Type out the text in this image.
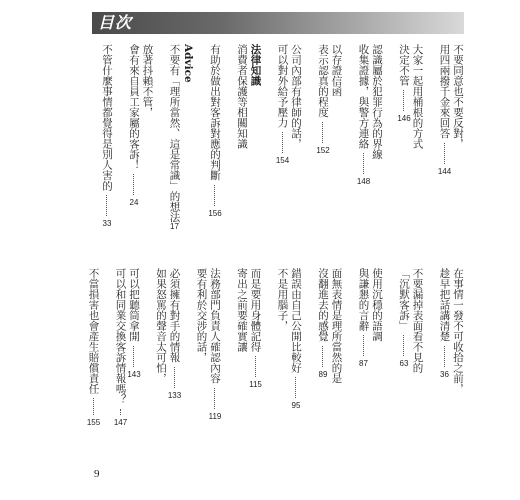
目次
不要同意也不要反對，
用四兩撥千金來回答
144
大家一起用桶根的方式
決定不管
146
認識屬於犯罪行為的界線
收集證據，與警方連絡
148
以存證信函
表示認真的程度
152
公司內部有律師的話，
可以對外給予壓力
154
法律知識
消費者保護等相關知識
有助於做出對客訴對應的判斷
156
Advice
不要有「理所當然、這是常識」的想法
17
放著抖賴不管，
會有來自員工家屬的客訴！
24
不管什麼事情都覺得是別人害的
33
在事情一發不可收拾之前，
趁早把話講清楚
36
不要漏掉表面看不見的
「沉默客訴」
63
使用沉穩的語調
與謙懇的言辭
87
面無表情是理所當然的是
沒翻進去的感覺
89
錯誤由自己公開比較好
95
不是用腦子，
而是要用身體記得
115
寄出之前要確實讓
法務部門負責人確認內容
119
要有利於交涉的話，
必須擁有對手的情報
133
如果怒罵的聲音太可怕，
可以把聽筒拿開
143
可以和同業交換客訴情報嗎？
147
不當損害也會產生賠償責任
155
9
